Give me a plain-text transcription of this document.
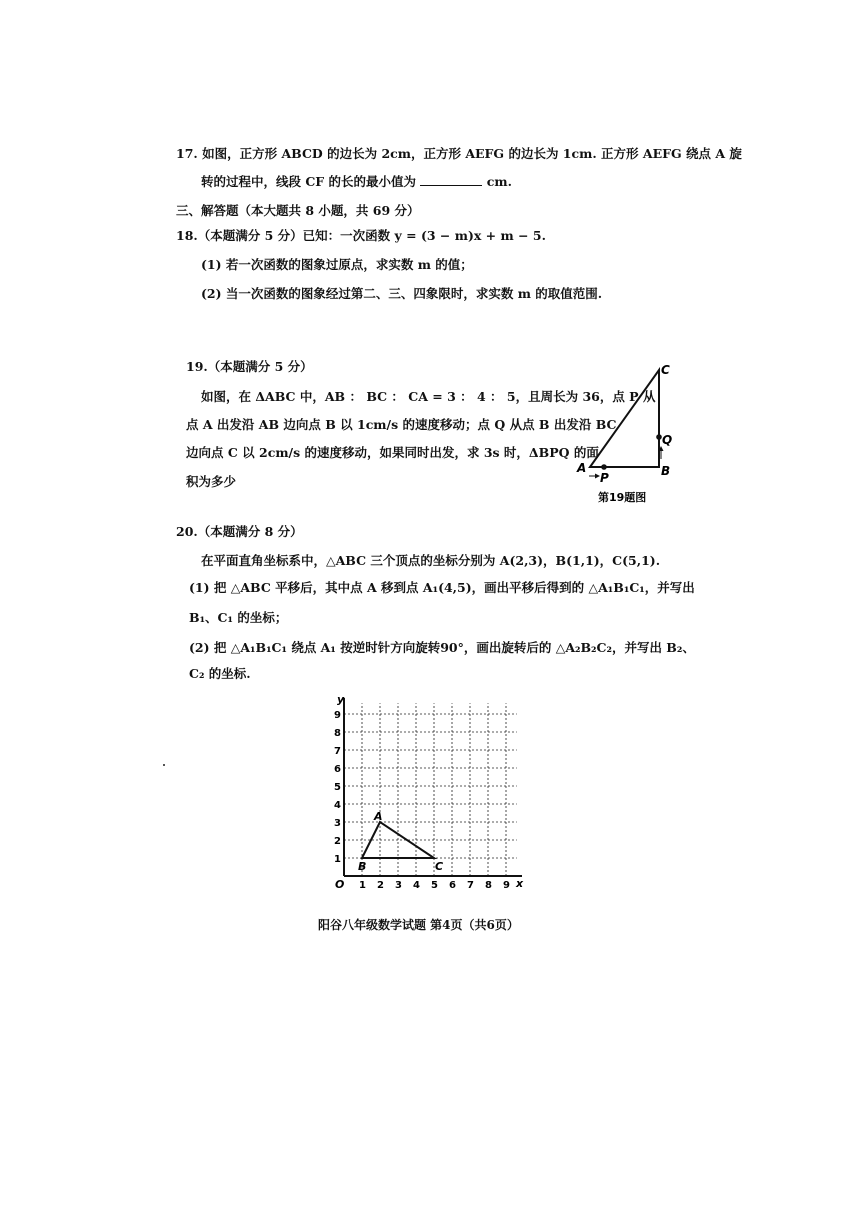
17. 如图，正方形 ABCD 的边长为 2cm，正方形 AEFG 的边长为 1cm. 正方形 AEFG 绕点 A 旋
转的过程中，线段 CF 的长的最小值为	cm.
三、解答题（本大题共 8 小题，共 69 分）
18.（本题满分 5 分）已知：一次函数 y = (3 − m)x + m − 5.
(1) 若一次函数的图象过原点，求实数 m 的值；
(2) 当一次函数的图象经过第二、三、四象限时，求实数 m 的取值范围.
19.（本题满分 5 分）
如图，在 ΔABC 中，AB ： BC ： CA = 3 ： 4 ： 5，且周长为 36，点 P 从
点 A 出发沿 AB 边向点 B 以 1cm/s 的速度移动；点 Q 从点 B 出发沿 BC
边向点 C 以 2cm/s 的速度移动，如果同时出发，求 3s 时，ΔBPQ 的面
积为多少
C
Q
B
A
P
第19题图
20.（本题满分 8 分）
在平面直角坐标系中，△ABC 三个顶点的坐标分别为 A(2,3)，B(1,1)，C(5,1).
(1) 把 △ABC 平移后，其中点 A 移到点 A₁(4,5)，画出平移后得到的 △A₁B₁C₁，并写出
B₁、C₁ 的坐标；
(2) 把 △A₁B₁C₁ 绕点 A₁ 按逆时针方向旋转90°，画出旋转后的 △A₂B₂C₂，并写出 B₂、
C₂ 的坐标.
1 2 3 4 5 6 7 8 9
1
2
3
4
5
6
7
8
9
O	x
y
A
B	C
阳谷八年级数学试题 第4页（共6页）
